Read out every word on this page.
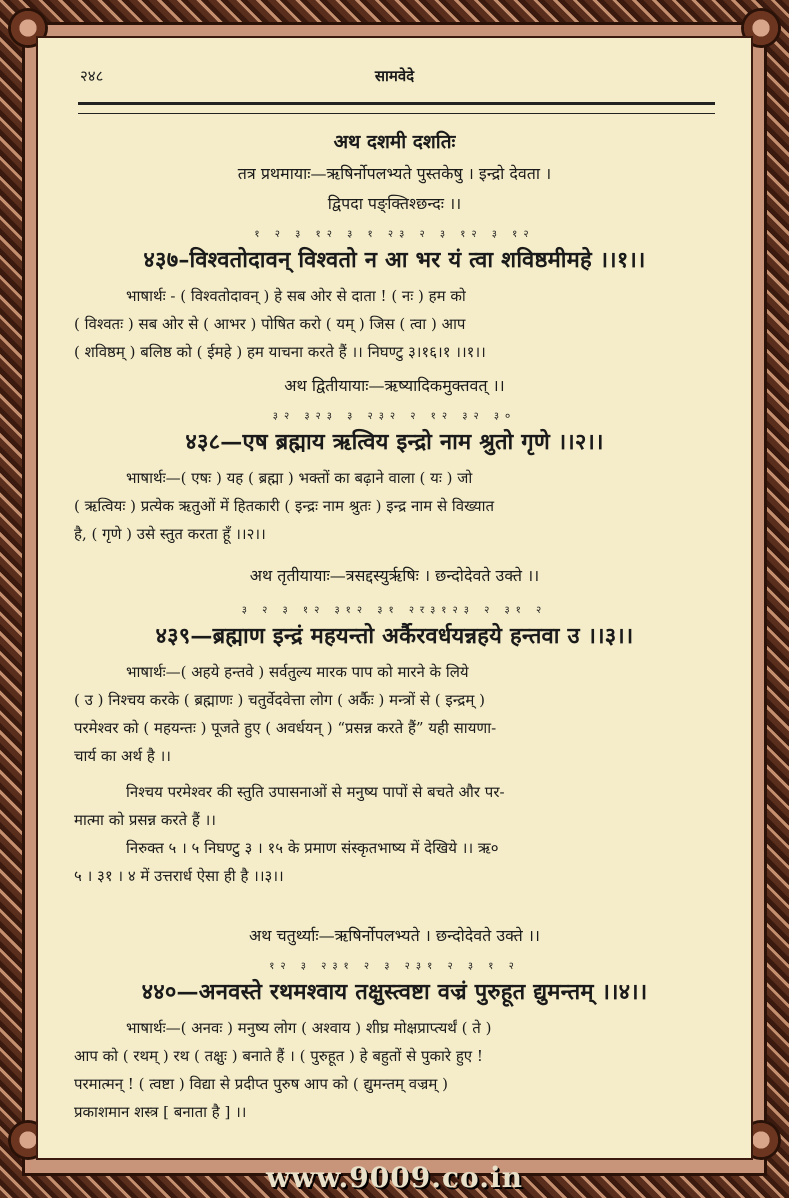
२४८	सामवेदे
अथ दशमी दशतिः
तत्र प्रथमायाः—ऋषिर्नोपलभ्यते पुस्तकेषु । इन्द्रो देवता ।
द्विपदा पङ्क्तिश्छन्दः ।।
१ २ ३ १२ ३ १ २३ २ ३ १२ ३ १२
४३७–विश्वतोदावन् विश्वतो न आ भर यं त्वा शविष्ठमीमहे ।।१।।
भाषार्थः - ( विश्वतोदावन् ) हे सब ओर से दाता ! ( नः ) हम को
( विश्वतः ) सब ओर से ( आभर ) पोषित करो ( यम् ) जिस ( त्वा ) आप
( शविष्ठम् ) बलिष्ठ को ( ईमहे ) हम याचना करते हैं ।। निघण्टु ३।१६।१ ।।१।।
अथ द्वितीयायाः—ऋष्यादिकमुक्तवत् ।।
३२ ३२३ ३ २३२ २ १२ ३२ ३०
४३८—एष ब्रह्माय ऋत्विय इन्द्रो नाम श्रुतो गृणे ।।२।।
भाषार्थः—( एषः ) यह ( ब्रह्मा ) भक्तों का बढ़ाने वाला ( यः ) जो
( ऋत्वियः ) प्रत्येक ऋतुओं में हितकारी ( इन्द्रः नाम श्रुतः ) इन्द्र नाम से विख्यात
है, ( गृणे ) उसे स्तुत करता हूँ ।।२।।
अथ तृतीयायाः—त्रसद्दस्युर्ऋषिः । छन्दोदेवते उक्ते ।।
३ २ ३ १२ ३१२ ३१ २र३१२३ २ ३१ २
४३९—ब्रह्माण इन्द्रं महयन्तो अर्कैरवर्धयन्नहये हन्तवा उ ।।३।।
भाषार्थः—( अहये हन्तवे ) सर्वतुल्य मारक पाप को मारने के लिये
( उ ) निश्चय करके ( ब्रह्माणः ) चतुर्वेदवेत्ता लोग ( अर्कैः ) मन्त्रों से ( इन्द्रम् )
परमेश्वर को ( महयन्तः ) पूजते हुए ( अवर्धयन् ) “प्रसन्न करते हैं” यही सायणा-
चार्य का अर्थ है ।।
निश्चय परमेश्वर की स्तुति उपासनाओं से मनुष्य पापों से बचते और पर-
मात्मा को प्रसन्न करते हैं ।।
निरुक्त ५ । ५ निघण्टु ३ । १५ के प्रमाण संस्कृतभाष्य में देखिये ।। ऋ०
५ । ३१ । ४ में उत्तरार्ध ऐसा ही है ।।३।।
अथ चतुर्थ्याः—ऋषिर्नोपलभ्यते । छन्दोदेवते उक्ते ।।
१२ ३ २३१ २ ३ २३१ २ ३ १ २
४४०—अनवस्ते रथमश्वाय तक्षुस्त्वष्टा वज्रं पुरुहूत द्युमन्तम् ।।४।।
भाषार्थः—( अनवः ) मनुष्य लोग ( अश्वाय ) शीघ्र मोक्षप्राप्त्यर्थं ( ते )
आप को ( रथम् ) रथ ( तक्षुः ) बनाते हैं । ( पुरुहूत ) हे बहुतों से पुकारे हुए !
परमात्मन् ! ( त्वष्टा ) विद्या से प्रदीप्त पुरुष आप को ( द्युमन्तम् वज्रम् )
प्रकाशमान शस्त्र [ बनाता है ] ।।
www.9009.co.in
